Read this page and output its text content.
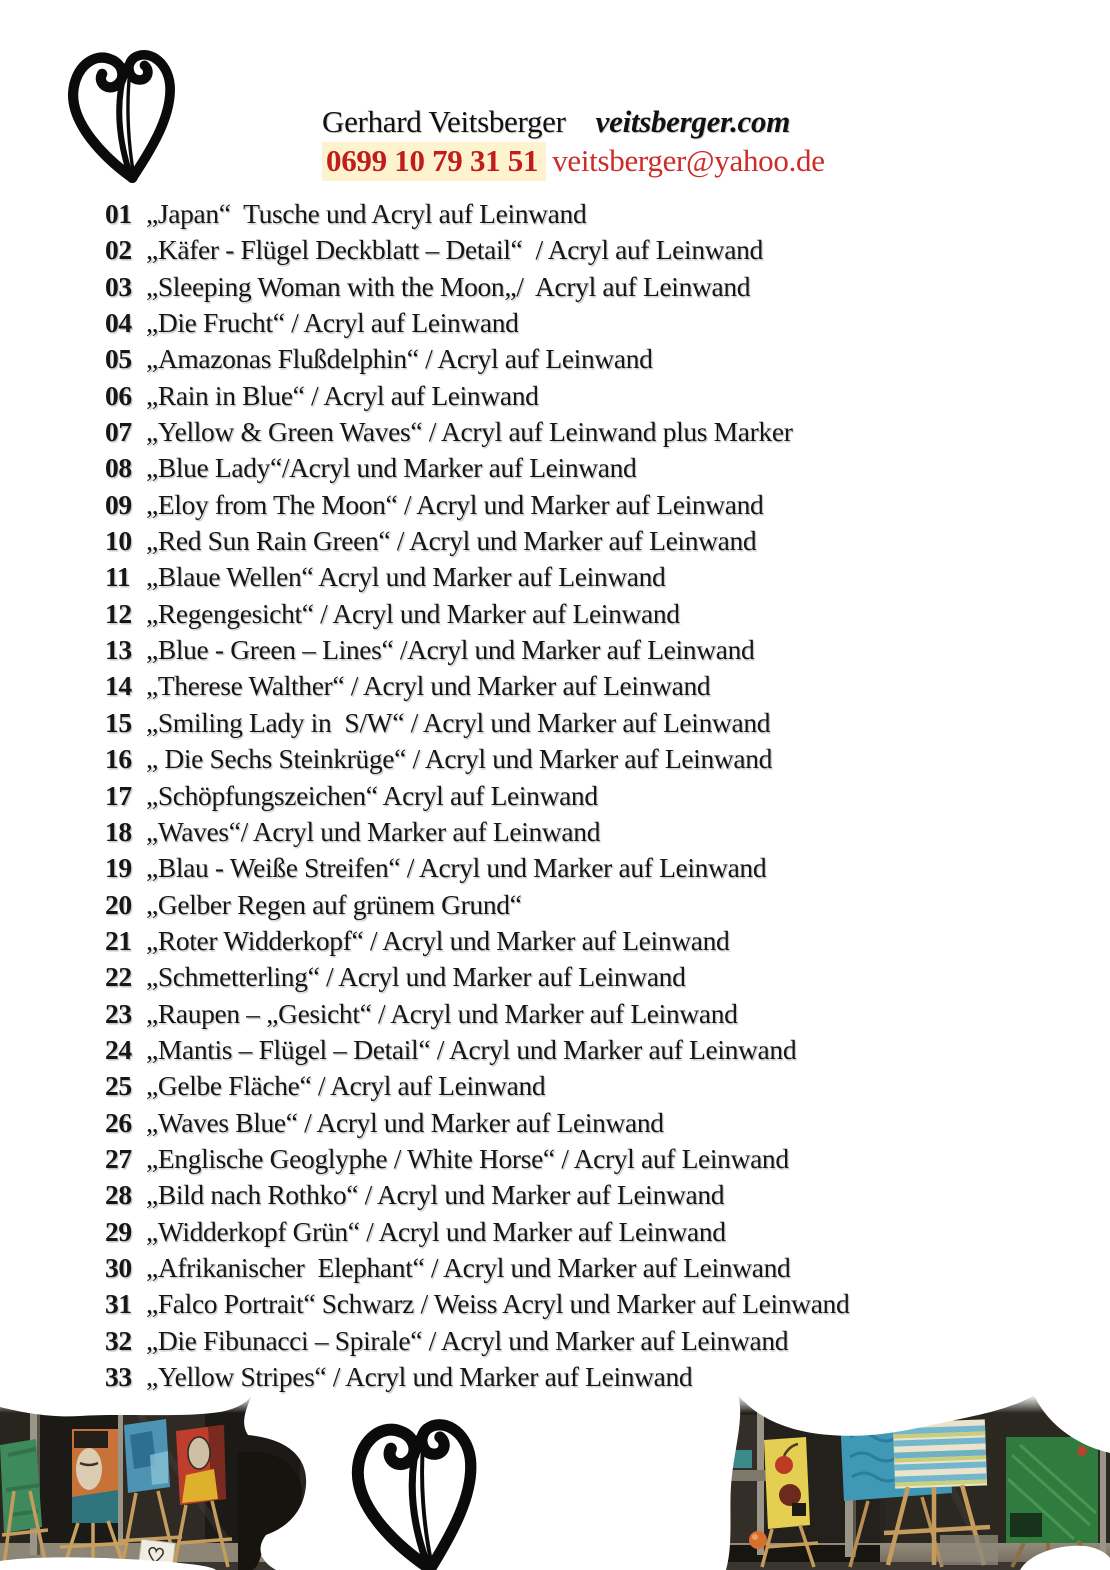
Gerhard Veitsberger veitsberger.com
0699 10 79 31 51 veitsberger@yahoo.de
01 „Japan“  Tusche und Acryl auf Leinwand
02 „Käfer - Flügel Deckblatt – Detail“  / Acryl auf Leinwand
03 „Sleeping Woman with the Moon„/  Acryl auf Leinwand
04 „Die Frucht“ / Acryl auf Leinwand
05 „Amazonas Flußdelphin“ / Acryl auf Leinwand
06 „Rain in Blue“ / Acryl auf Leinwand
07 „Yellow & Green Waves“ / Acryl auf Leinwand plus Marker
08 „Blue Lady“/Acryl und Marker auf Leinwand
09 „Eloy from The Moon“ / Acryl und Marker auf Leinwand
10 „Red Sun Rain Green“ / Acryl und Marker auf Leinwand
11 „Blaue Wellen“ Acryl und Marker auf Leinwand
12 „Regengesicht“ / Acryl und Marker auf Leinwand
13 „Blue - Green – Lines“ /Acryl und Marker auf Leinwand
14 „Therese Walther“ / Acryl und Marker auf Leinwand
15 „Smiling Lady in  S/W“ / Acryl und Marker auf Leinwand
16 „ Die Sechs Steinkrüge“ / Acryl und Marker auf Leinwand
17 „Schöpfungszeichen“ Acryl auf Leinwand
18 „Waves“/ Acryl und Marker auf Leinwand
19 „Blau - Weiße Streifen“ / Acryl und Marker auf Leinwand
20 „Gelber Regen auf grünem Grund“
21 „Roter Widderkopf“ / Acryl und Marker auf Leinwand
22 „Schmetterling“ / Acryl und Marker auf Leinwand
23 „Raupen – „Gesicht“ / Acryl und Marker auf Leinwand
24 „Mantis – Flügel – Detail“ / Acryl und Marker auf Leinwand
25 „Gelbe Fläche“ / Acryl auf Leinwand
26 „Waves Blue“ / Acryl und Marker auf Leinwand
27 „Englische Geoglyphe / White Horse“ / Acryl auf Leinwand
28 „Bild nach Rothko“ / Acryl und Marker auf Leinwand
29 „Widderkopf Grün“ / Acryl und Marker auf Leinwand
30 „Afrikanischer  Elephant“ / Acryl und Marker auf Leinwand
31 „Falco Portrait“ Schwarz / Weiss Acryl und Marker auf Leinwand
32 „Die Fibunacci – Spirale“ / Acryl und Marker auf Leinwand
33 „Yellow Stripes“ / Acryl und Marker auf Leinwand
